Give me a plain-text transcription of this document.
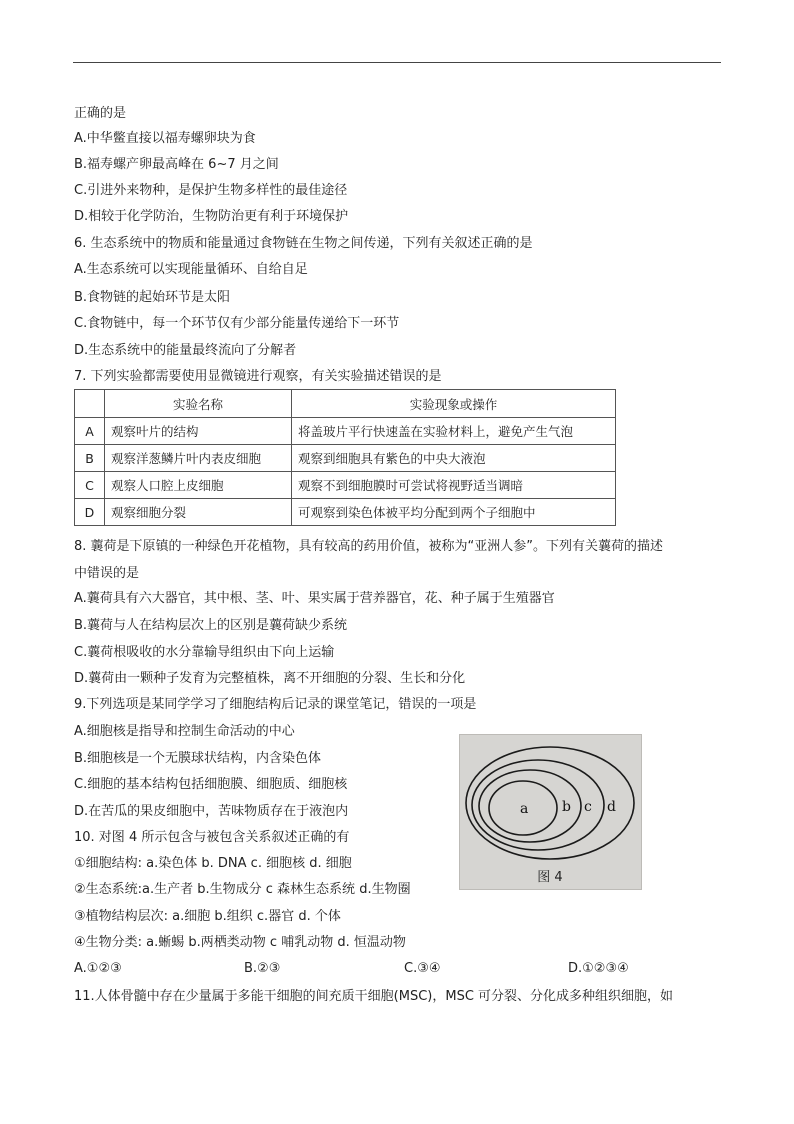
正确的是
A.中华鳖直接以福寿螺卵块为食
B.福寿螺产卵最高峰在 6~7 月之间
C.引进外来物种，是保护生物多样性的最佳途径
D.相较于化学防治，生物防治更有利于环境保护
6. 生态系统中的物质和能量通过食物链在生物之间传递，下列有关叙述正确的是
A.生态系统可以实现能量循环、自给自足
B.食物链的起始环节是太阳
C.食物链中，每一个环节仅有少部分能量传递给下一环节
D.生态系统中的能量最终流向了分解者
7. 下列实验都需要使用显微镜进行观察，有关实验描述错误的是
	实验名称	实验现象或操作
A	观察叶片的结构	将盖玻片平行快速盖在实验材料上，避免产生气泡
B	观察洋葱鳞片叶内表皮细胞	观察到细胞具有紫色的中央大液泡
C	观察人口腔上皮细胞	观察不到细胞膜时可尝试将视野适当调暗
D	观察细胞分裂	可观察到染色体被平均分配到两个子细胞中
8. 蘘荷是下原镇的一种绿色开花植物，具有较高的药用价值，被称为“亚洲人参”。下列有关蘘荷的描述
中错误的是
A.蘘荷具有六大器官，其中根、茎、叶、果实属于营养器官，花、种子属于生殖器官
B.蘘荷与人在结构层次上的区别是蘘荷缺少系统
C.蘘荷根吸收的水分靠输导组织由下向上运输
D.蘘荷由一颗种子发育为完整植株，离不开细胞的分裂、生长和分化
9.下列选项是某同学学习了细胞结构后记录的课堂笔记，错误的一项是
A.细胞核是指导和控制生命活动的中心
B.细胞核是一个无膜球状结构，内含染色体
C.细胞的基本结构包括细胞膜、细胞质、细胞核
D.在苦瓜的果皮细胞中，苦味物质存在于液泡内
10. 对图 4 所示包含与被包含关系叙述正确的有
①细胞结构: a.染色体 b. DNA c. 细胞核 d. 细胞
②生态系统:a.生产者 b.生物成分 c 森林生态系统 d.生物圈
③植物结构层次: a.细胞 b.组织 c.器官 d. 个体
④生物分类: a.蜥蜴 b.两栖类动物 c 哺乳动物 d. 恒温动物
A.①②③	B.②③	C.③④	D.①②③④
11.人体骨髓中存在少量属于多能干细胞的间充质干细胞(MSC)，MSC 可分裂、分化成多种组织细胞，如
a b c d
图 4
